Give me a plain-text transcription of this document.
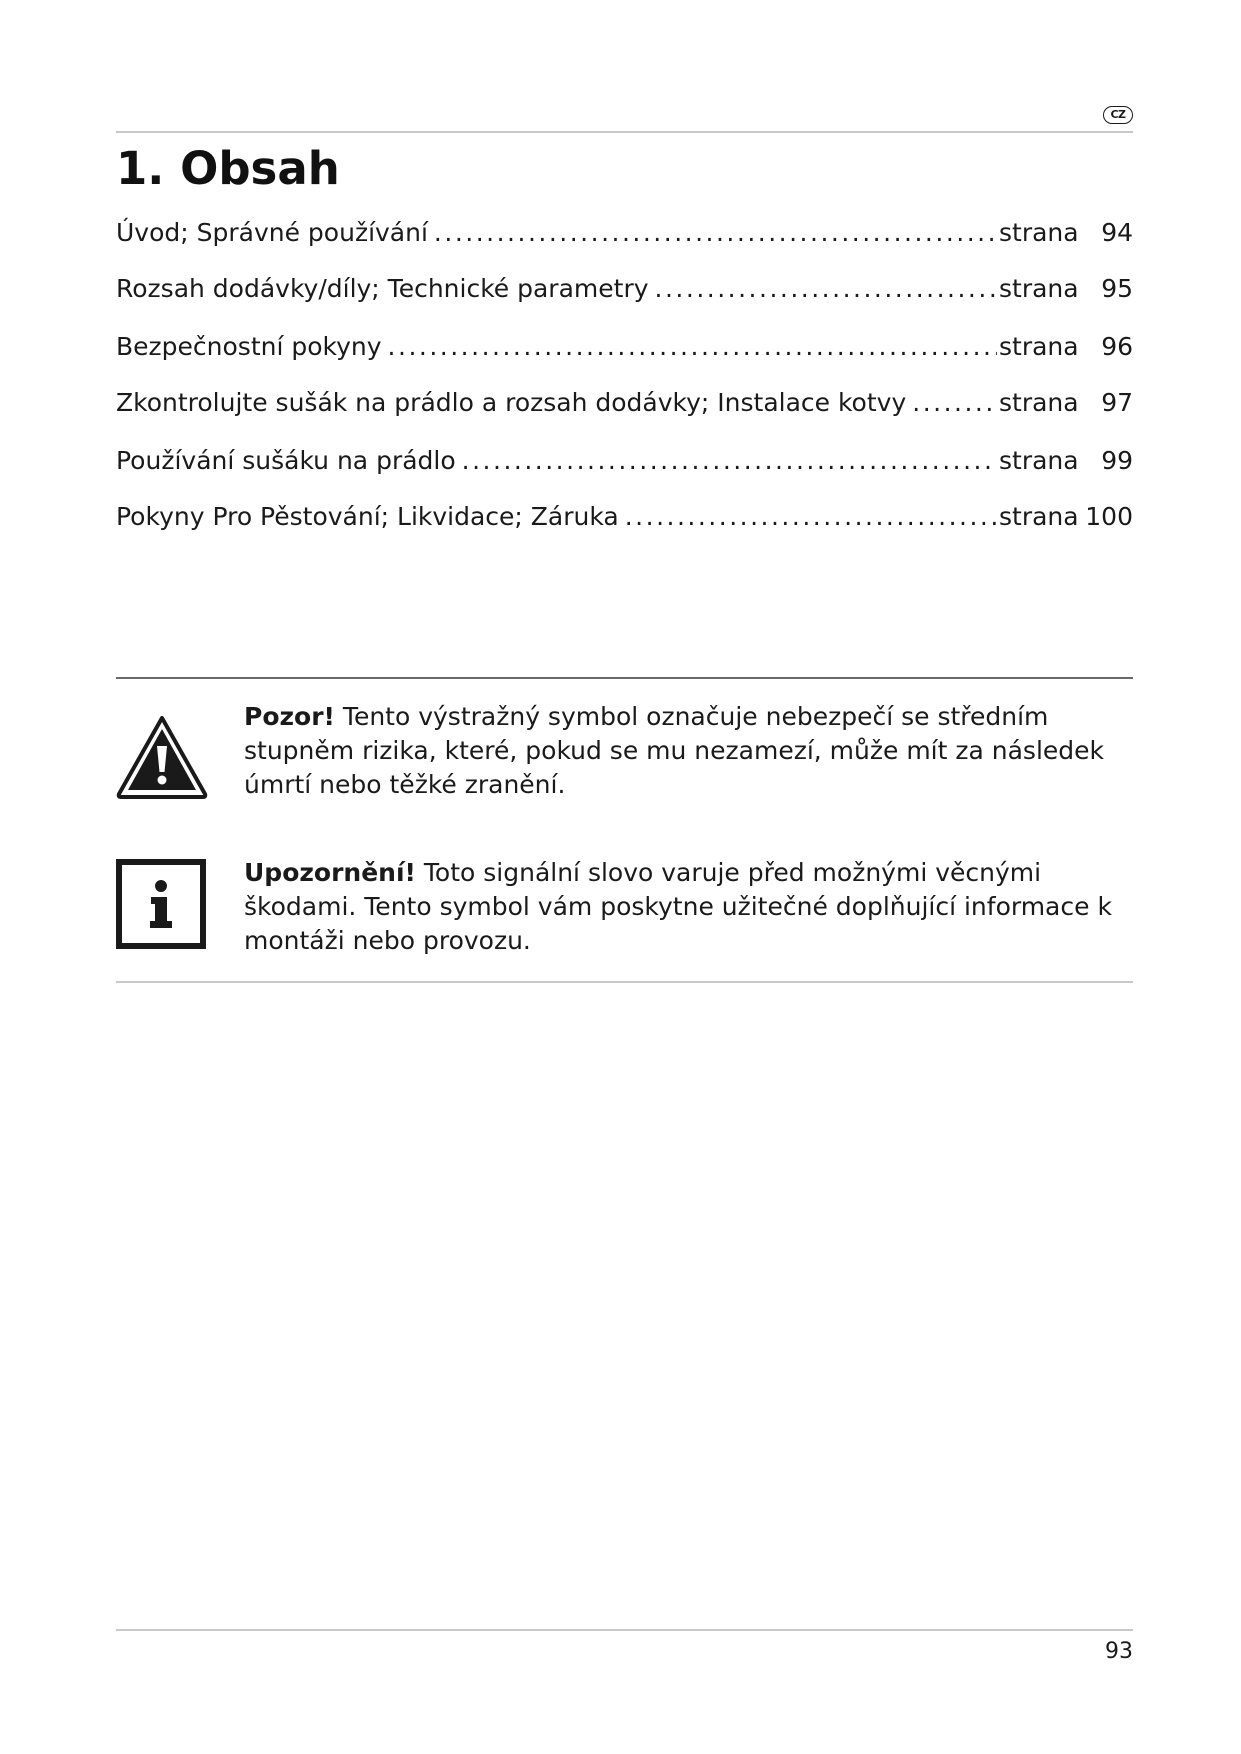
CZ
1. Obsah
Úvod; Správné používání .....	strana 94
Rozsah dodávky/díly; Technické parametry .....	strana 95
Bezpečnostní pokyny .....	strana 96
Zkontrolujte sušák na prádlo a rozsah dodávky; Instalace kotvy .....	strana 97
Používání sušáku na prádlo .....	strana 99
Pokyny Pro Pěstování; Likvidace; Záruka .....	strana 100
Pozor! Tento výstražný symbol označuje nebezpečí se středním stupněm rizika, které, pokud se mu nezamezí, může mít za následek úmrtí nebo těžké zranění.
Upozornění! Toto signální slovo varuje před možnými věcnými škodami. Tento symbol vám poskytne užitečné doplňující informace k montáži nebo provozu.
93
